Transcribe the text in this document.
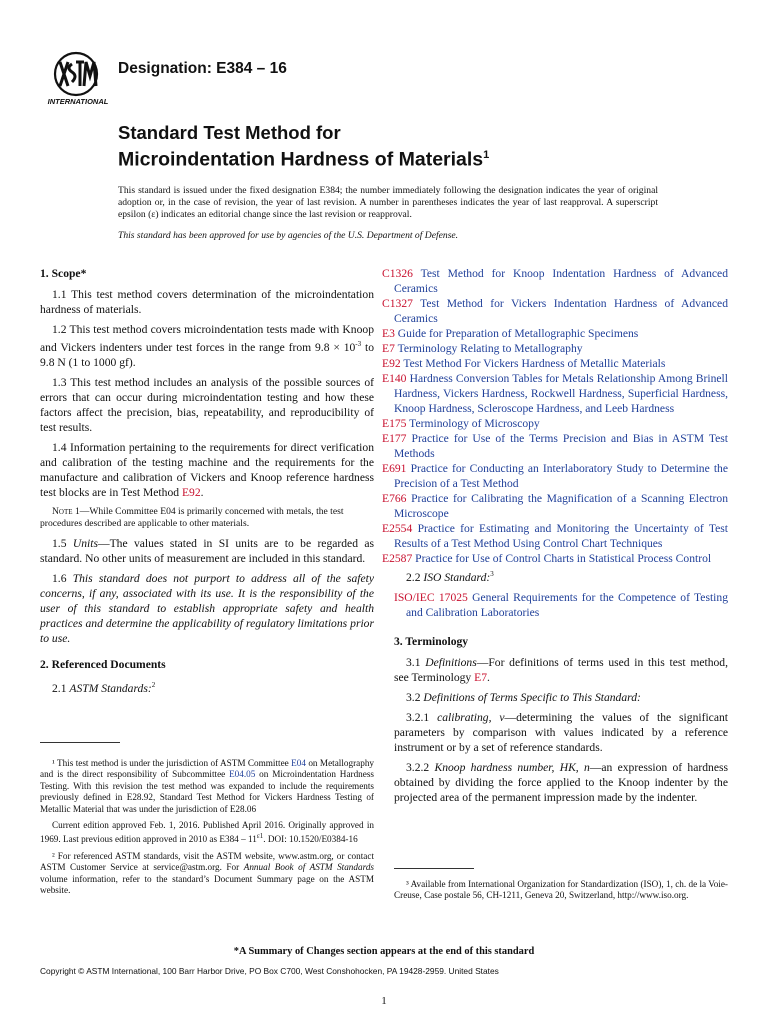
INTERNATIONAL
Designation: E384 – 16
Standard Test Method for
Microindentation Hardness of Materials$^1$
This standard is issued under the fixed designation E384; the number immediately following the designation indicates the year of original adoption or, in the case of revision, the year of last revision. A number in parentheses indicates the year of last reapproval. A superscript epsilon (ε) indicates an editorial change since the last revision or reapproval.
This standard has been approved for use by agencies of the U.S. Department of Defense.
1. Scope*

1.1 This test method covers determination of the microindentation hardness of materials.

1.2 This test method covers microindentation tests made with Knoop and Vickers indenters under test forces in the range from $9.8 \times 10^{-3}$ to 9.8 N (1 to 1000 gf).

1.3 This test method includes an analysis of the possible sources of errors that can occur during microindentation testing and how these factors affect the precision, bias, repeatability, and reproducibility of test results.

1.4 Information pertaining to the requirements for direct verification and calibration of the testing machine and the requirements for the manufacture and calibration of Vickers and Knoop reference hardness test blocks are in Test Method E92.

Note 1—While Committee E04 is primarily concerned with metals, the test procedures described are applicable to other materials.

1.5 Units—The values stated in SI units are to be regarded as standard. No other units of measurement are included in this standard.

1.6 This standard does not purport to address all of the safety concerns, if any, associated with its use. It is the responsibility of the user of this standard to establish appropriate safety and health practices and determine the applicability of regulatory limitations prior to use.

2. Referenced Documents

2.1 ASTM Standards:$^2$

¹ This test method is under the jurisdiction of ASTM Committee E04 on Metallography and is the direct responsibility of Subcommittee E04.05 on Microindentation Hardness Testing. With this revision the test method was expanded to include the requirements previously defined in E28.92, Standard Test Method for Vickers Hardness Testing of Metallic Material that was under the jurisdiction of E28.06

Current edition approved Feb. 1, 2016. Published April 2016. Originally approved in 1969. Last previous edition approved in 2010 as $E384 - 11^{\varepsilon 1}$. DOI: 10.1520/E0384-16

² For referenced ASTM standards, visit the ASTM website, www.astm.org, or contact ASTM Customer Service at service@astm.org. For Annual Book of ASTM Standards volume information, refer to the standard’s Document Summary page on the ASTM website.

C1326 Test Method for Knoop Indentation Hardness of Advanced Ceramics

C1327 Test Method for Vickers Indentation Hardness of Advanced Ceramics

E3 Guide for Preparation of Metallographic Specimens

E7 Terminology Relating to Metallography

E92 Test Method For Vickers Hardness of Metallic Materials

E140 Hardness Conversion Tables for Metals Relationship Among Brinell Hardness, Vickers Hardness, Rockwell Hardness, Superficial Hardness, Knoop Hardness, Scleroscope Hardness, and Leeb Hardness

E175 Terminology of Microscopy

E177 Practice for Use of the Terms Precision and Bias in ASTM Test Methods

E691 Practice for Conducting an Interlaboratory Study to Determine the Precision of a Test Method

E766 Practice for Calibrating the Magnification of a Scanning Electron Microscope

E2554 Practice for Estimating and Monitoring the Uncertainty of Test Results of a Test Method Using Control Chart Techniques

E2587 Practice for Use of Control Charts in Statistical Process Control

2.2 ISO Standard:$^3$

ISO/IEC 17025 General Requirements for the Competence of Testing and Calibration Laboratories

3. Terminology

3.1 Definitions—For definitions of terms used in this test method, see Terminology E7.

3.2 Definitions of Terms Specific to This Standard:

3.2.1 calibrating, v—determining the values of the significant parameters by comparison with values indicated by a reference instrument or by a set of reference standards.

3.2.2 Knoop hardness number, HK, n—an expression of hardness obtained by dividing the force applied to the Knoop indenter by the projected area of the permanent impression made by the indenter.

³ Available from International Organization for Standardization (ISO), 1, ch. de la Voie-Creuse, Case postale 56, CH-1211, Geneva 20, Switzerland, http://www.iso.org.

*A Summary of Changes section appears at the end of this standard
Copyright © ASTM International, 100 Barr Harbor Drive, PO Box C700, West Conshohocken, PA 19428-2959. United States
1
